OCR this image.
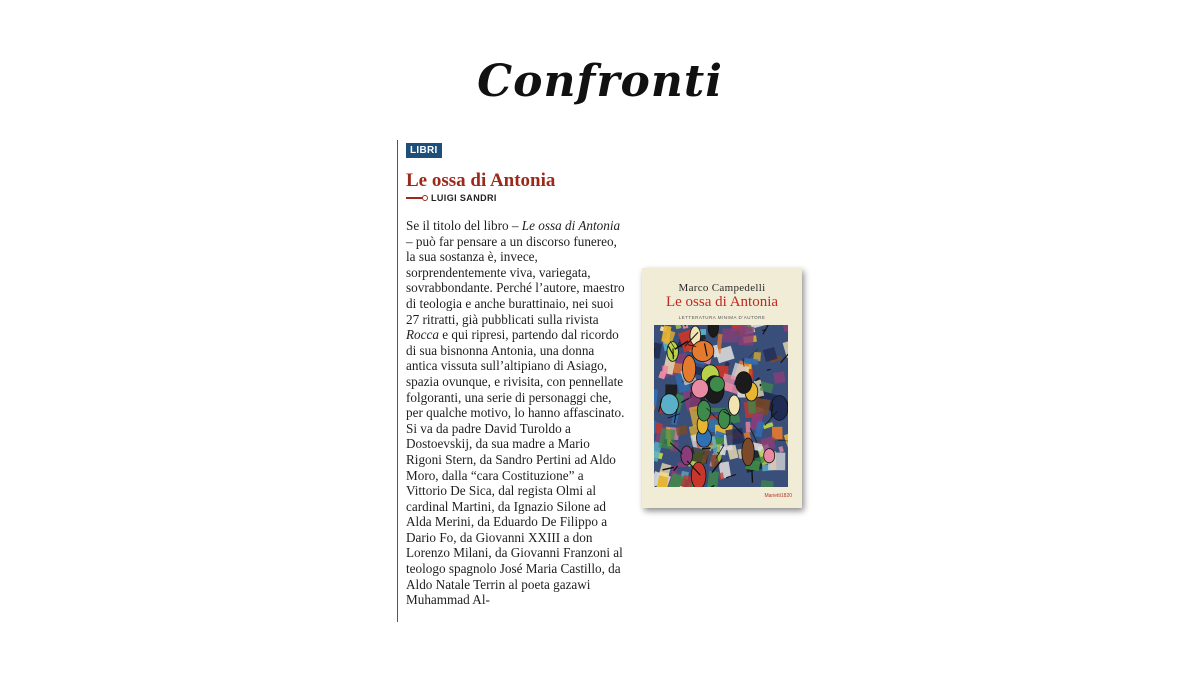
Confronti
LIBRI
Le ossa di Antonia
LUIGI SANDRI

Se il titolo del libro – Le ossa di Antonia – può far pensare a un discorso funereo, la sua sostanza è, invece, sorprendentemente viva, variegata, sovrabbondante. Perché l’autore, maestro di teologia e anche burattinaio, nei suoi 27 ritratti, già pubblicati sulla rivista Rocca e qui ripresi, partendo dal ricordo di sua bisnonna Antonia, una donna antica vissuta sull’altipiano di Asiago, spazia ovunque, e rivisita, con pennellate folgoranti, una serie di personaggi che, per qualche motivo, lo hanno affascinato.

Si va da padre David Turoldo a Dostoevskij, da sua madre a Mario Rigoni Stern, da Sandro Pertini ad Aldo Moro, dalla “cara Costituzione” a Vittorio De Sica, dal regista Olmi al cardinal Martini, da Ignazio Silone ad Alda Merini, da Eduardo De Filippo a Dario Fo, da Giovanni XXIII a don Lorenzo Milani, da Giovanni Franzoni al teologo spagnolo José Maria Castillo, da Aldo Natale Terrin al poeta gazawi Muhammad Al-

Marco Campedelli
Le ossa di Antonia
LETTERATURA MINIMA D’AUTORE
Marietti1820
